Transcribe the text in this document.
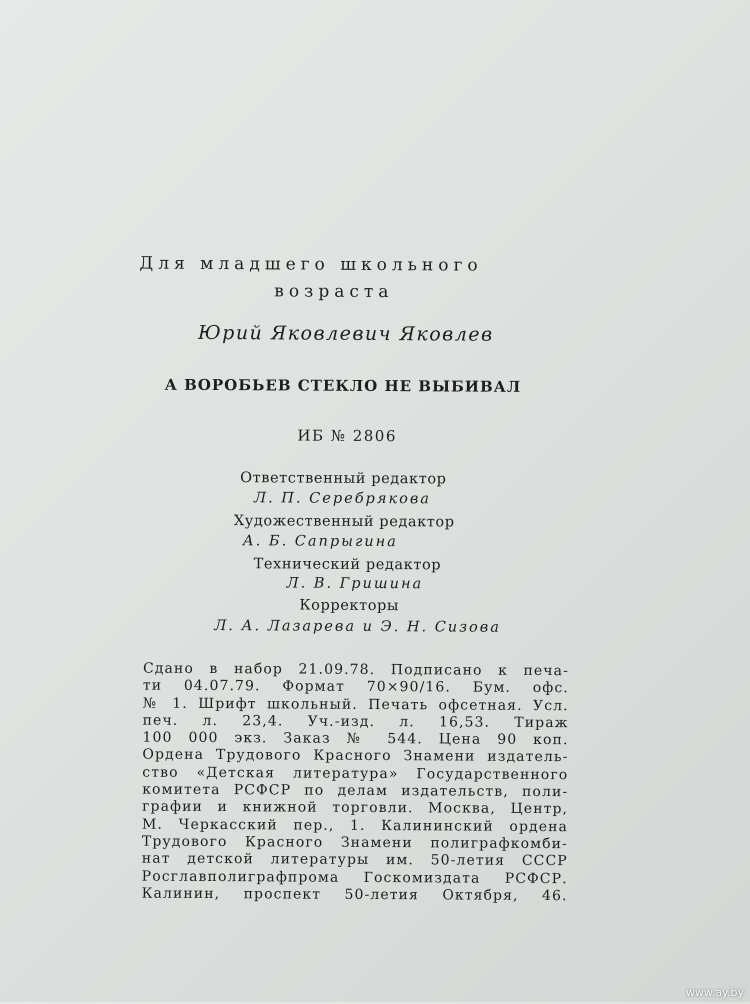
Для младшего школьного
возраста
Юрий Яковлевич Яковлев
А ВОРОБЬЕВ СТЕКЛО НЕ ВЫБИВАЛ
ИБ № 2806
Ответственный редактор
Л. П. Серебрякова
Художественный редактор
А. Б. Сапрыгина
Технический редактор
Л. В. Гришина
Корректоры
Л. А. Лазарева и Э. Н. Сизова
Сдано в набор 21.09.78. Подписано к печа-
ти 04.07.79. Формат 70×90/16. Бум. офс.
№ 1. Шрифт школьный. Печать офсетная. Усл.
печ. л. 23,4. Уч.-изд. л. 16,53. Тираж
100 000 экз. Заказ № 544. Цена 90 коп.
Ордена Трудового Красного Знамени издатель-
ство «Детская литература» Государственного
комитета РСФСР по делам издательств, поли-
графии и книжной торговли. Москва, Центр,
М. Черкасский пер., 1. Калининский ордена
Трудового Красного Знамени полиграфкомби-
нат детской литературы им. 50-летия СССР
Росглавполиграфпрома Госкомиздата РСФСР.
Калинин, проспект 50-летия Октября, 46.
www.ay.by
